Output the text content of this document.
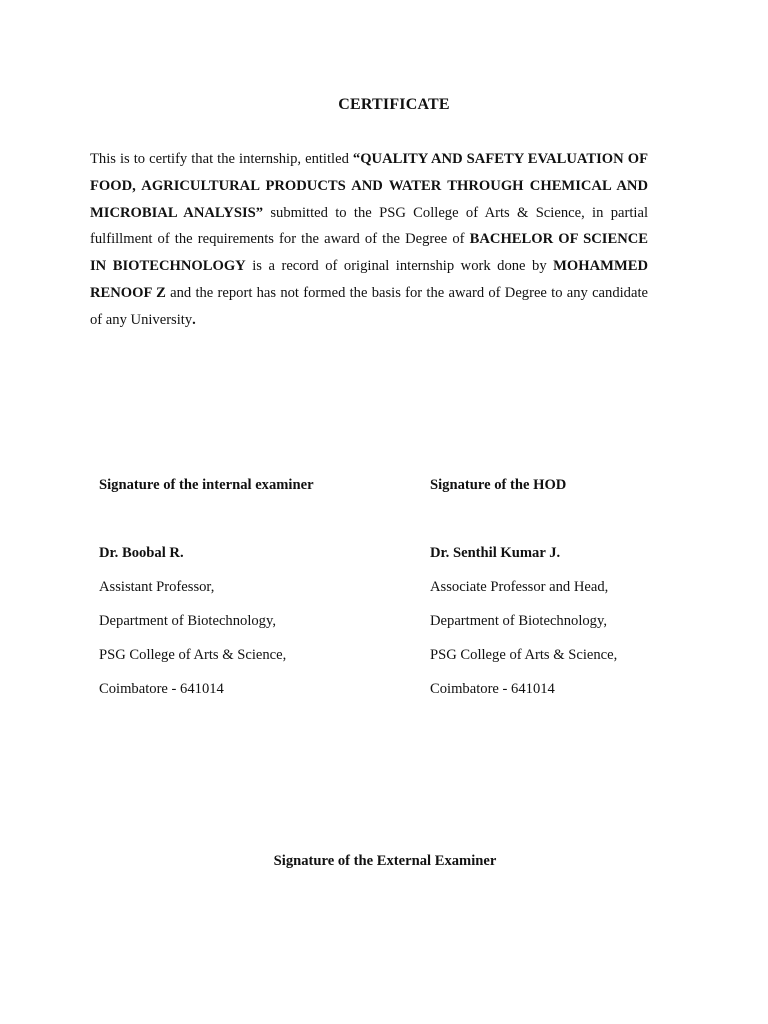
CERTIFICATE
This is to certify that the internship, entitled “QUALITY AND SAFETY EVALUATION OF FOOD, AGRICULTURAL PRODUCTS AND WATER THROUGH CHEMICAL AND MICROBIAL ANALYSIS” submitted to the PSG College of Arts & Science, in partial fulfillment of the requirements for the award of the Degree of BACHELOR OF SCIENCE IN BIOTECHNOLOGY is a record of original internship work done by MOHAMMED RENOOF Z and the report has not formed the basis for the award of Degree to any candidate of any University.
Signature of the internal examiner
Dr. Boobal R.
Assistant Professor,
Department of Biotechnology,
PSG College of Arts & Science,
Coimbatore - 641014
Signature of the HOD
Dr. Senthil Kumar J.
Associate Professor and Head,
Department of Biotechnology,
PSG College of Arts & Science,
Coimbatore - 641014
Signature of the External Examiner
